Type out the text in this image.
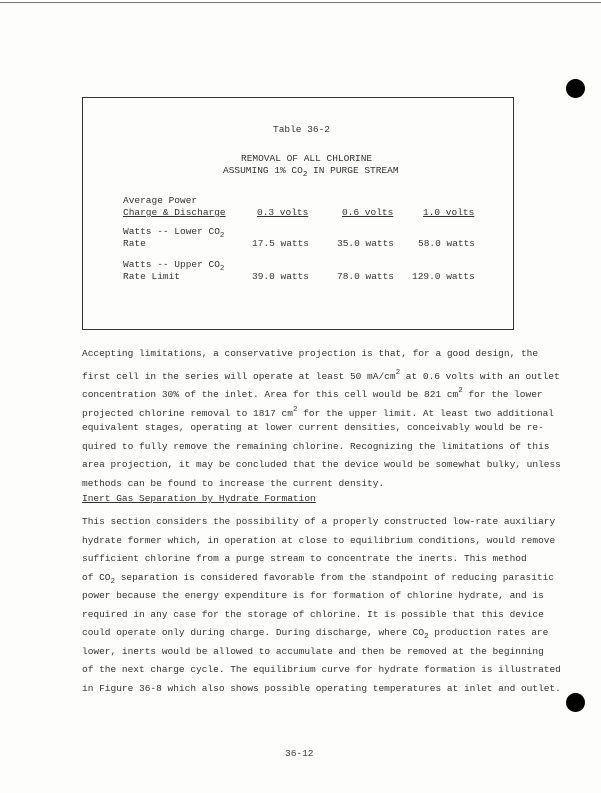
Table 36-2
REMOVAL OF ALL CHLORINE
ASSUMING 1% $CO_2$ IN PURGE STREAM
Average Power
Charge & Discharge	0.3 volts	0.6 volts	1.0 volts
Watts -- Lower $CO_2$
Rate	17.5 watts	35.0 watts	58.0 watts
Watts -- Upper $CO_2$
Rate Limit	39.0 watts	78.0 watts 129.0 watts
Accepting limitations, a conservative projection is that, for a good design, the
first cell in the series will operate at least 50 $mA/cm^2$ at 0.6 volts with an outlet
concentration 30% of the inlet. Area for this cell would be 821 $cm^2$ for the lower
projected chlorine removal to 1817 $cm^2$ for the upper limit. At least two additional
equivalent stages, operating at lower current densities, conceivably would be re-
quired to fully remove the remaining chlorine. Recognizing the limitations of this
area projection, it may be concluded that the device would be somewhat bulky, unless
methods can be found to increase the current density.
Inert Gas Separation by Hydrate Formation
This section considers the possibility of a properly constructed low-rate auxiliary
hydrate former which, in operation at close to equilibrium conditions, would remove
sufficient chlorine from a purge stream to concentrate the inerts. This method
of $CO_2$ separation is considered favorable from the standpoint of reducing parasitic
power because the energy expenditure is for formation of chlorine hydrate, and is
required in any case for the storage of chlorine. It is possible that this device
could operate only during charge. During discharge, where $CO_2$ production rates are
lower, inerts would be allowed to accumulate and then be removed at the beginning
of the next charge cycle. The equilibrium curve for hydrate formation is illustrated
in Figure 36-8 which also shows possible operating temperatures at inlet and outlet.
36-12
